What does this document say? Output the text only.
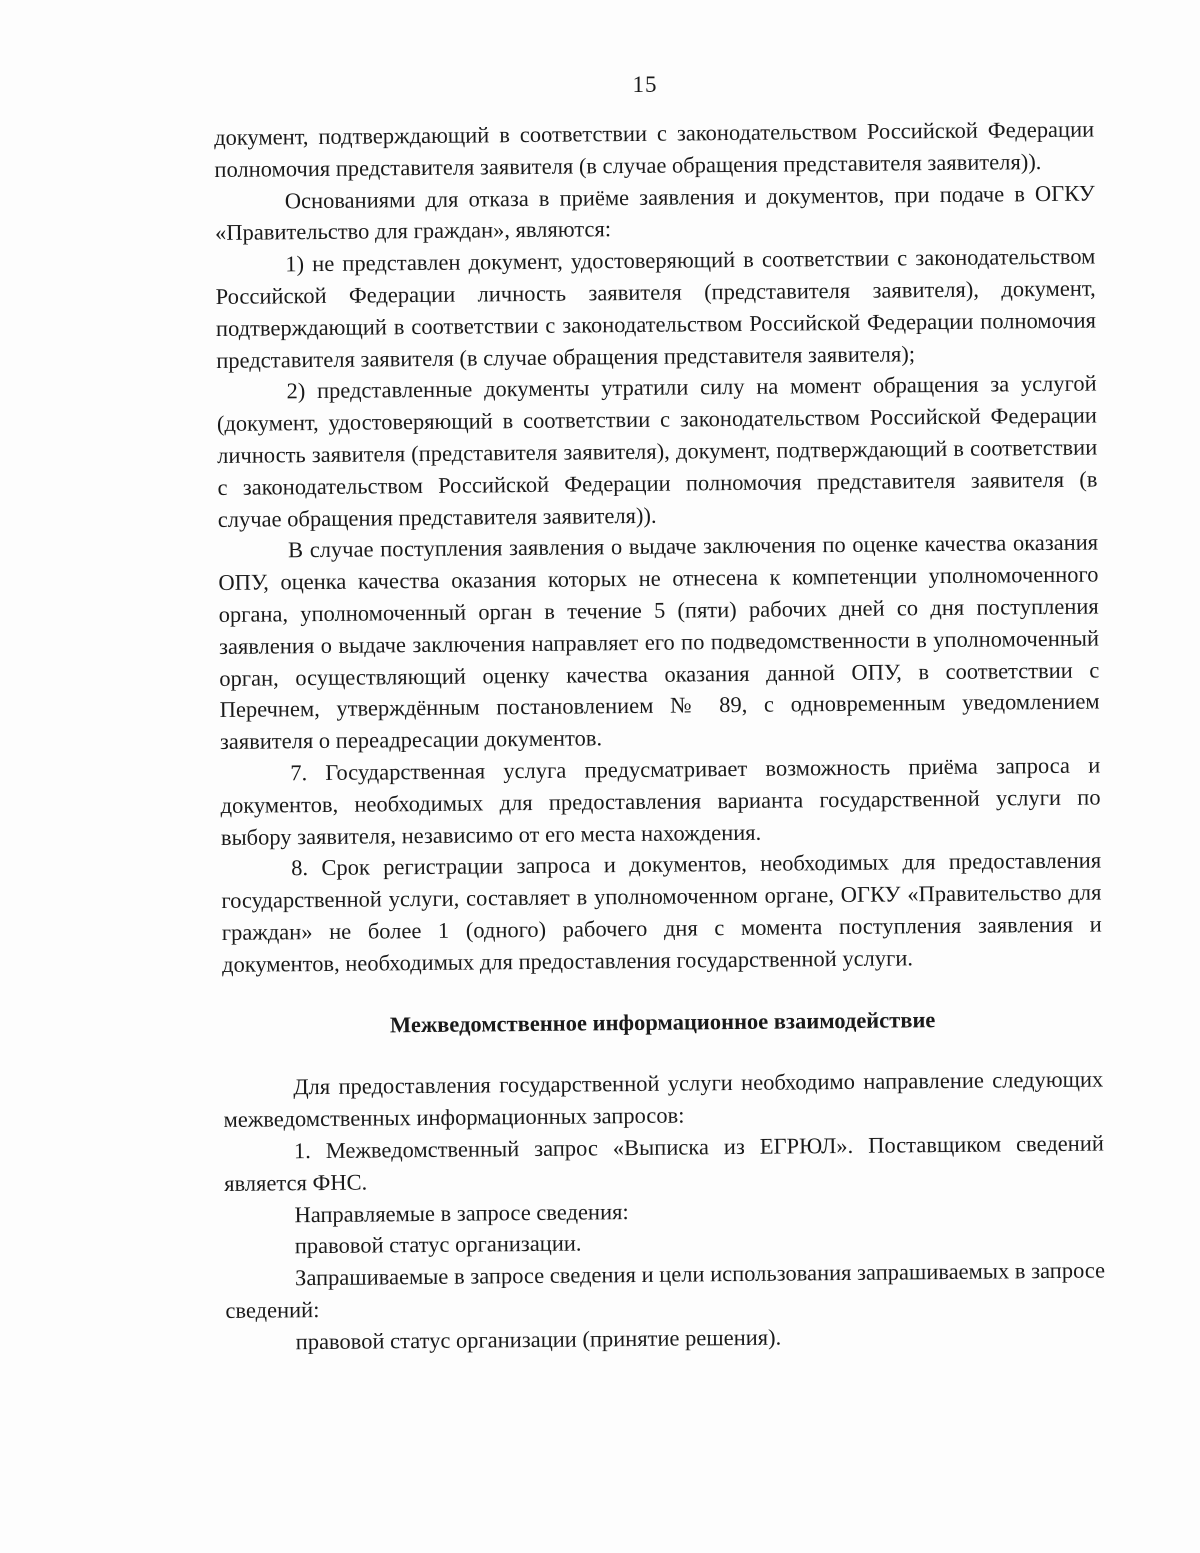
15

документ, подтверждающий в соответствии с законодательством Российской Федерации полномочия представителя заявителя (в случае обращения представителя заявителя)).

Основаниями для отказа в приёме заявления и документов, при подаче в ОГКУ «Правительство для граждан», являются:

1) не представлен документ, удостоверяющий в соответствии с законодательством Российской Федерации личность заявителя (представителя заявителя), документ, подтверждающий в соответствии с законодательством Российской Федерации полномочия представителя заявителя (в случае обращения представителя заявителя);

2) представленные документы утратили силу на момент обращения за услугой (документ, удостоверяющий в соответствии с законодательством Российской Федерации личность заявителя (представителя заявителя), документ, подтверждающий в соответствии с законодательством Российской Федерации полномочия представителя заявителя (в случае обращения представителя заявителя)).

В случае поступления заявления о выдаче заключения по оценке качества оказания ОПУ, оценка качества оказания которых не отнесена к компетенции уполномоченного органа, уполномоченный орган в течение 5 (пяти) рабочих дней со дня поступления заявления о выдаче заключения направляет его по подведомственности в уполномоченный орган, осуществляющий оценку качества оказания данной ОПУ, в соответствии с Перечнем, утверждённым постановлением № 89, с одновременным уведомлением заявителя о переадресации документов.

7. Государственная услуга предусматривает возможность приёма запроса и документов, необходимых для предоставления варианта государственной услуги по выбору заявителя, независимо от его места нахождения.

8. Срок регистрации запроса и документов, необходимых для предоставления государственной услуги, составляет в уполномоченном органе, ОГКУ «Правительство для граждан» не более 1 (одного) рабочего дня с момента поступления заявления и документов, необходимых для предоставления государственной услуги.

Межведомственное информационное взаимодействие

Для предоставления государственной услуги необходимо направление следующих межведомственных информационных запросов:

1. Межведомственный запрос «Выписка из ЕГРЮЛ». Поставщиком сведений является ФНС.

Направляемые в запросе сведения:

правовой статус организации.

Запрашиваемые в запросе сведения и цели использования запрашиваемых в запросе сведений:

правовой статус организации (принятие решения).
